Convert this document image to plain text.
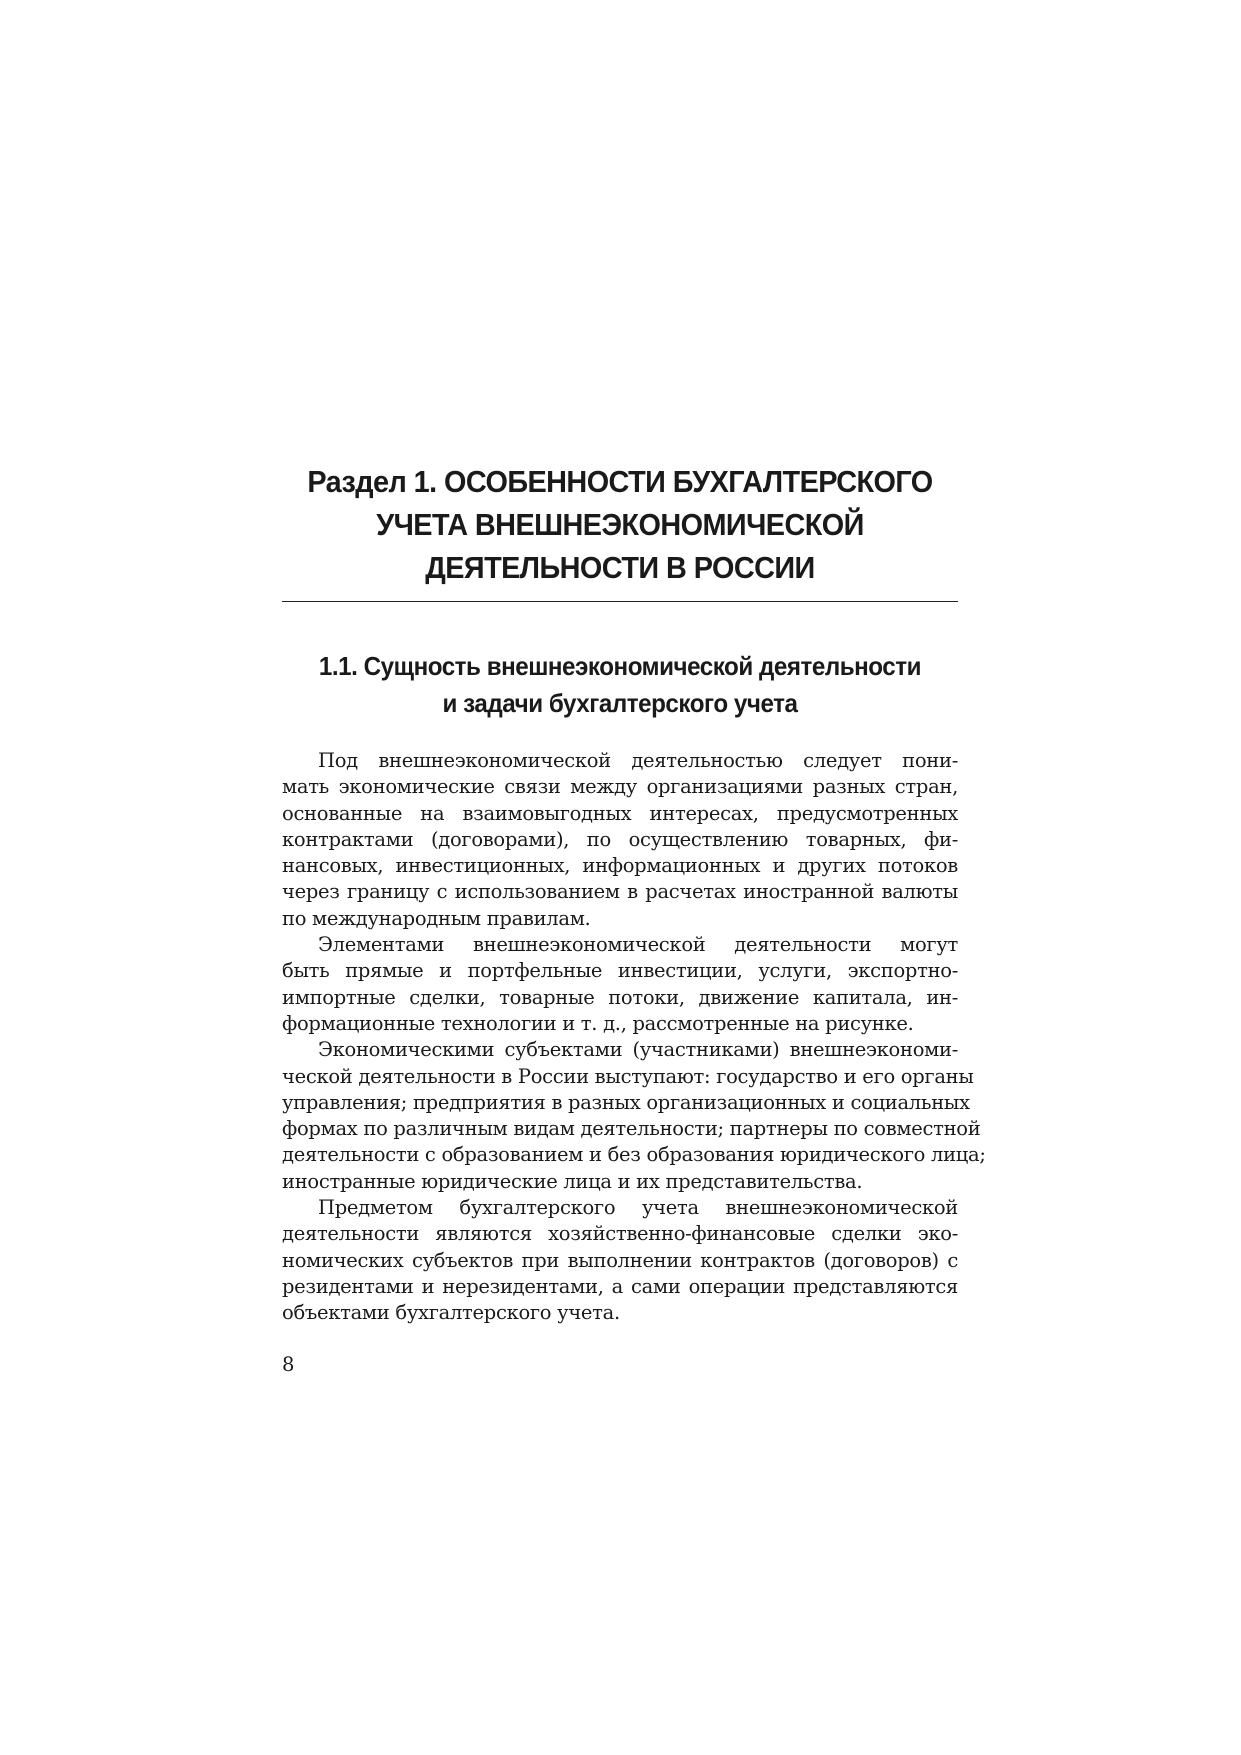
Раздел 1. ОСОБЕННОСТИ БУХГАЛТЕРСКОГО
УЧЕТА ВНЕШНЕЭКОНОМИЧЕСКОЙ
ДЕЯТЕЛЬНОСТИ В РОССИИ
1.1. Сущность внешнеэкономической деятельности
и задачи бухгалтерского учета

Под внешнеэкономической деятельностью следует пони-
мать экономические связи между организациями разных стран,
основанные на взаимовыгодных интересах, предусмотренных
контрактами (договорами), по осуществлению товарных, фи-
нансовых, инвестиционных, информационных и других потоков
через границу с использованием в расчетах иностранной валюты
по международным правилам.

Элементами внешнеэкономической деятельности могут
быть прямые и портфельные инвестиции, услуги, экспортно-
импортные сделки, товарные потоки, движение капитала, ин-
формационные технологии и т. д., рассмотренные на рисунке.

Экономическими субъектами (участниками) внешнеэкономи-
ческой деятельности в России выступают: государство и его органы
управления; предприятия в разных организационных и социальных
формах по различным видам деятельности; партнеры по совместной
деятельности с образованием и без образования юридического лица;
иностранные юридические лица и их представительства.

Предметом бухгалтерского учета внешнеэкономической
деятельности являются хозяйственно-финансовые сделки эко-
номических субъектов при выполнении контрактов (договоров) с
резидентами и нерезидентами, а сами операции представляются
объектами бухгалтерского учета.

8
